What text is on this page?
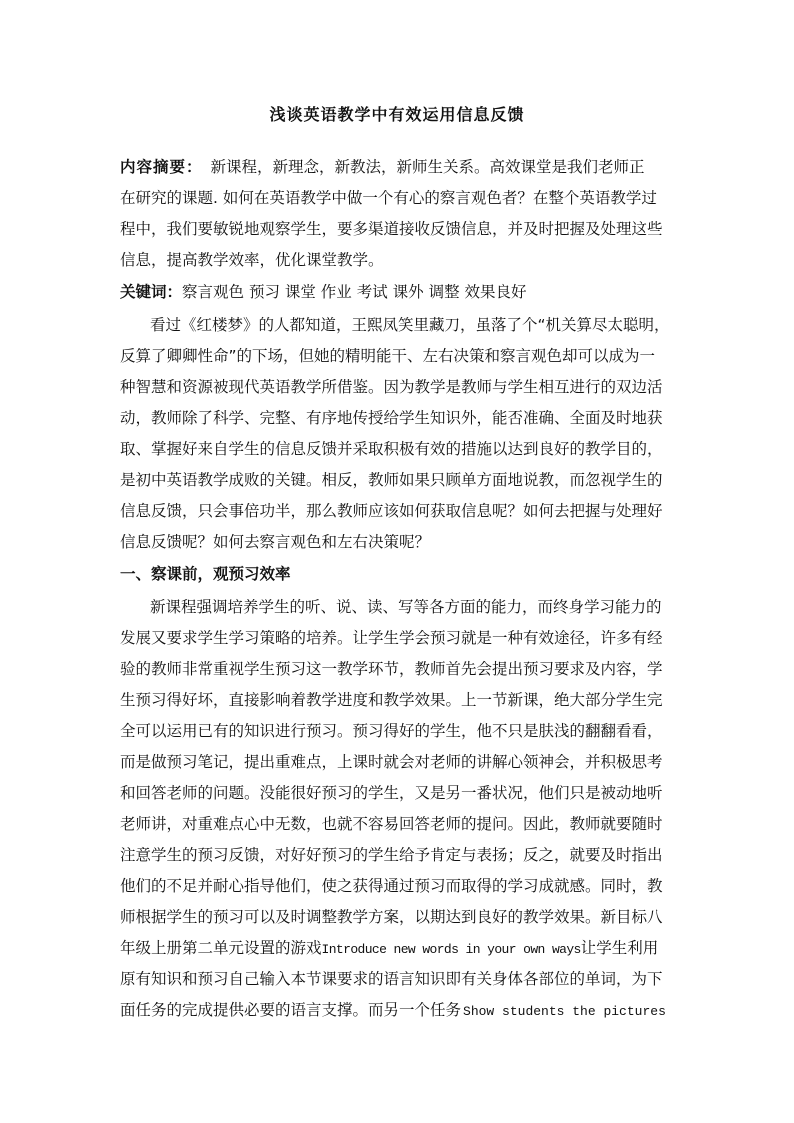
浅谈英语教学中有效运用信息反馈
内容摘要： 新课程，新理念，新教法，新师生关系。高效课堂是我们老师正
在研究的课题. 如何在英语教学中做一个有心的察言观色者？在整个英语教学过
程中，我们要敏锐地观察学生，要多渠道接收反馈信息，并及时把握及处理这些
信息，提高教学效率，优化课堂教学。
关键词：察言观色 预习 课堂 作业 考试 课外 调整 效果良好
看过《红楼梦》的人都知道，王熙凤笑里藏刀，虽落了个“机关算尽太聪明，
反算了卿卿性命”的下场，但她的精明能干、左右决策和察言观色却可以成为一
种智慧和资源被现代英语教学所借鉴。因为教学是教师与学生相互进行的双边活
动，教师除了科学、完整、有序地传授给学生知识外，能否准确、全面及时地获
取、掌握好来自学生的信息反馈并采取积极有效的措施以达到良好的教学目的，
是初中英语教学成败的关键。相反，教师如果只顾单方面地说教，而忽视学生的
信息反馈，只会事倍功半，那么教师应该如何获取信息呢？如何去把握与处理好
信息反馈呢？如何去察言观色和左右决策呢？
一、察课前，观预习效率
新课程强调培养学生的听、说、读、写等各方面的能力，而终身学习能力的
发展又要求学生学习策略的培养。让学生学会预习就是一种有效途径，许多有经
验的教师非常重视学生预习这一教学环节，教师首先会提出预习要求及内容，学
生预习得好坏，直接影响着教学进度和教学效果。上一节新课，绝大部分学生完
全可以运用已有的知识进行预习。预习得好的学生，他不只是肤浅的翻翻看看，
而是做预习笔记，提出重难点，上课时就会对老师的讲解心领神会，并积极思考
和回答老师的问题。没能很好预习的学生，又是另一番状况，他们只是被动地听
老师讲，对重难点心中无数，也就不容易回答老师的提问。因此，教师就要随时
注意学生的预习反馈，对好好预习的学生给予肯定与表扬；反之，就要及时指出
他们的不足并耐心指导他们，使之获得通过预习而取得的学习成就感。同时，教
师根据学生的预习可以及时调整教学方案，以期达到良好的教学效果。新目标八
年级上册第二单元设置的游戏Introduce new words in your own ways让学生利用
原有知识和预习自己输入本节课要求的语言知识即有关身体各部位的单词，为下
面任务的完成提供必要的语言支撑。而另一个任务 Show students the pictures
